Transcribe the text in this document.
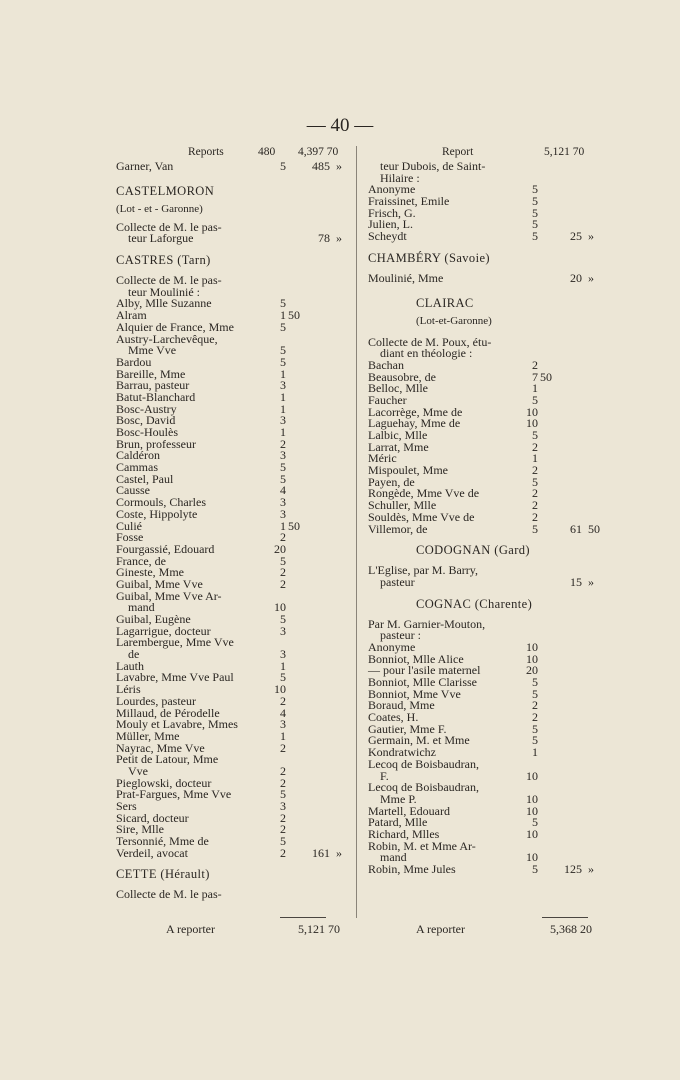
— 40 —
Reports	480 4,397 70
Garner, Van	5	485 »
CASTELMORON
(Lot - et - Garonne)
Collecte de M. le pas-
teur Laforgue	78 »
CASTRES (Tarn)
Collecte de M. le pas-
teur Moulinié :
Alby, Mlle Suzanne	5
Alram	1 50
Alquier de France, Mme	5
Austry-Larchevêque,
Mme Vve	5
Bardou	5
Bareille, Mme	1
Barrau, pasteur	3
Batut-Blanchard	1
Bosc-Austry	1
Bosc, David	3
Bosc-Houlès	1
Brun, professeur	2
Caldéron	3
Cammas	5
Castel, Paul	5
Causse	4
Cormouls, Charles	3
Coste, Hippolyte	3
Culié	1 50
Fosse	2
Fourgassié, Edouard	20
France, de	5
Gineste, Mme	2
Guibal, Mme Vve	2
Guibal, Mme Vve Ar-
mand	10
Guibal, Eugène	5
Lagarrigue, docteur	3
Larembergue, Mme Vve
de	3
Lauth	1
Lavabre, Mme Vve Paul	5
Léris	10
Lourdes, pasteur	2
Millaud, de Pérodelle	4
Mouly et Lavabre, Mmes	3
Müller, Mme	1
Nayrac, Mme Vve	2
Petit de Latour, Mme
Vve	2
Pieglowski, docteur	2
Prat-Fargues, Mme Vve	5
Sers	3
Sicard, docteur	2
Sire, Mlle	2
Tersonnié, Mme de	5
Verdeil, avocat	2	161 »
CETTE (Hérault)
Collecte de M. le pas-
Report	5,121 70
teur Dubois, de Saint-
Hilaire :
Anonyme	5
Fraissinet, Emile	5
Frisch, G.	5
Julien, L.	5
Scheydt	5	25 »
CHAMBÉRY (Savoie)
Moulinié, Mme	20 »
CLAIRAC
(Lot-et-Garonne)
Collecte de M. Poux, étu-
diant en théologie :
Bachan	2
Beausobre, de	7 50
Belloc, Mlle	1
Faucher	5
Lacorrège, Mme de	10
Laguehay, Mme de	10
Lalbic, Mlle	5
Larrat, Mme	2
Méric	1
Mispoulet, Mme	2
Payen, de	5
Rongède, Mme Vve de	2
Schuller, Mlle	2
Souldès, Mme Vve de	2
Villemor, de	5	61 50
CODOGNAN (Gard)
L'Eglise, par M. Barry,
pasteur	15 »
COGNAC (Charente)
Par M. Garnier-Mouton,
pasteur :
Anonyme	10
Bonniot, Mlle Alice	10
— pour l'asile maternel	20
Bonniot, Mlle Clarisse	5
Bonniot, Mme Vve	5
Boraud, Mme	2
Coates, H.	2
Gautier, Mme F.	5
Germain, M. et Mme	5
Kondratwichz	1
Lecoq de Boisbaudran,
F.	10
Lecoq de Boisbaudran,
Mme P.	10
Martell, Edouard	10
Patard, Mlle	5
Richard, Mlles	10
Robin, M. et Mme Ar-
mand	10
Robin, Mme Jules	5	125 »
A reporter	5,121 70	A reporter	5,368 20
